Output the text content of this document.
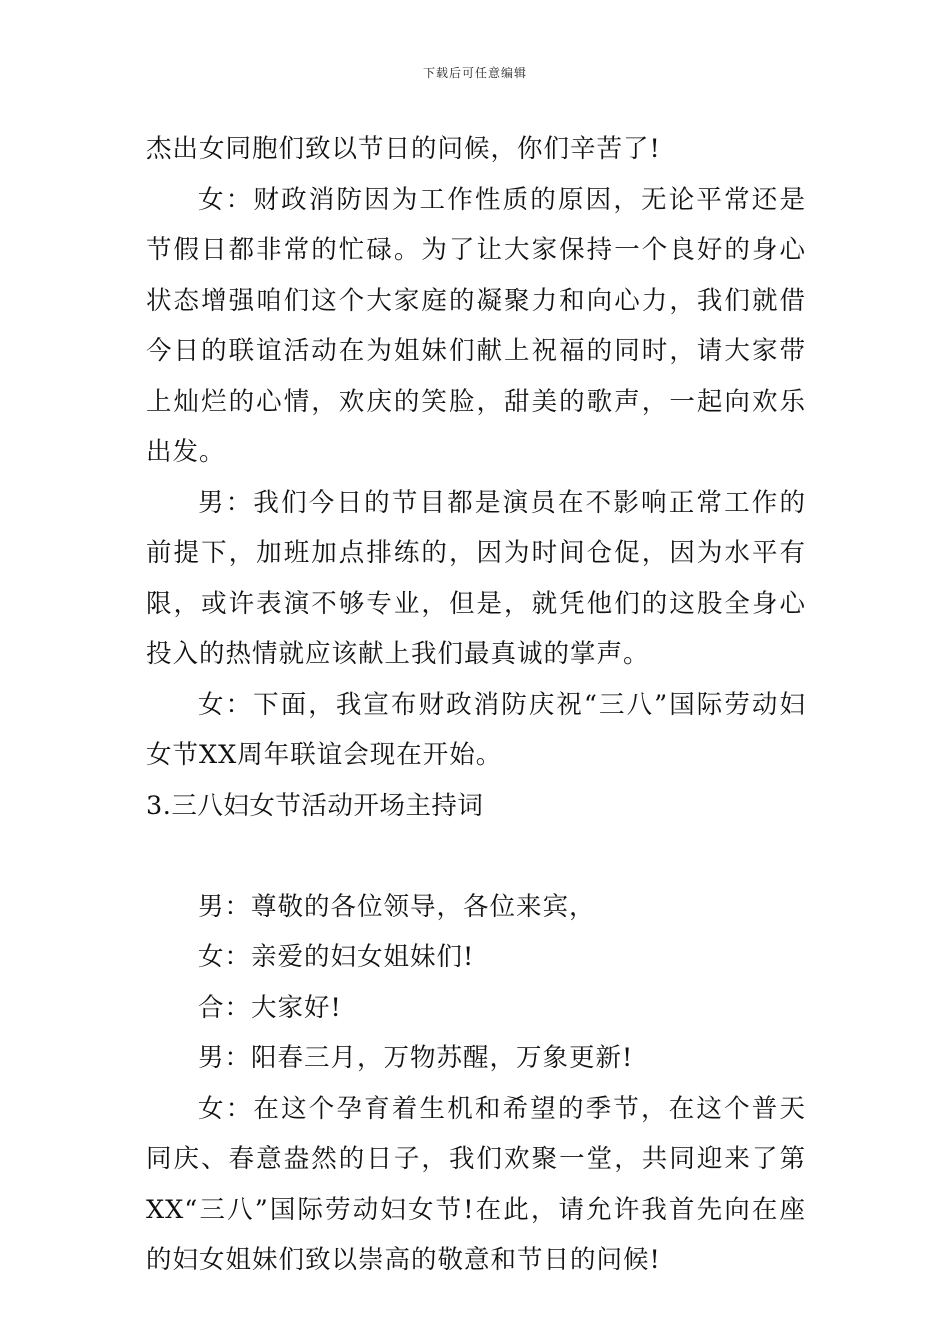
下载后可任意编辑

杰出女同胞们致以节日的问候，你们辛苦了!

女：财政消防因为工作性质的原因，无论平常还是节假日都非常的忙碌。为了让大家保持一个良好的身心状态增强咱们这个大家庭的凝聚力和向心力，我们就借今日的联谊活动在为姐妹们献上祝福的同时，请大家带上灿烂的心情，欢庆的笑脸，甜美的歌声，一起向欢乐出发。

男：我们今日的节目都是演员在不影响正常工作的前提下，加班加点排练的，因为时间仓促，因为水平有限，或许表演不够专业，但是，就凭他们的这股全身心投入的热情就应该献上我们最真诚的掌声。

女：下面，我宣布财政消防庆祝“三八”国际劳动妇女节XX周年联谊会现在开始。

3.三八妇女节活动开场主持词

男：尊敬的各位领导，各位来宾，

女：亲爱的妇女姐妹们!

合：大家好!

男：阳春三月，万物苏醒，万象更新!

女：在这个孕育着生机和希望的季节，在这个普天同庆、春意盎然的日子，我们欢聚一堂，共同迎来了第XX“三八”国际劳动妇女节!在此，请允许我首先向在座的妇女姐妹们致以崇高的敬意和节日的问候!
